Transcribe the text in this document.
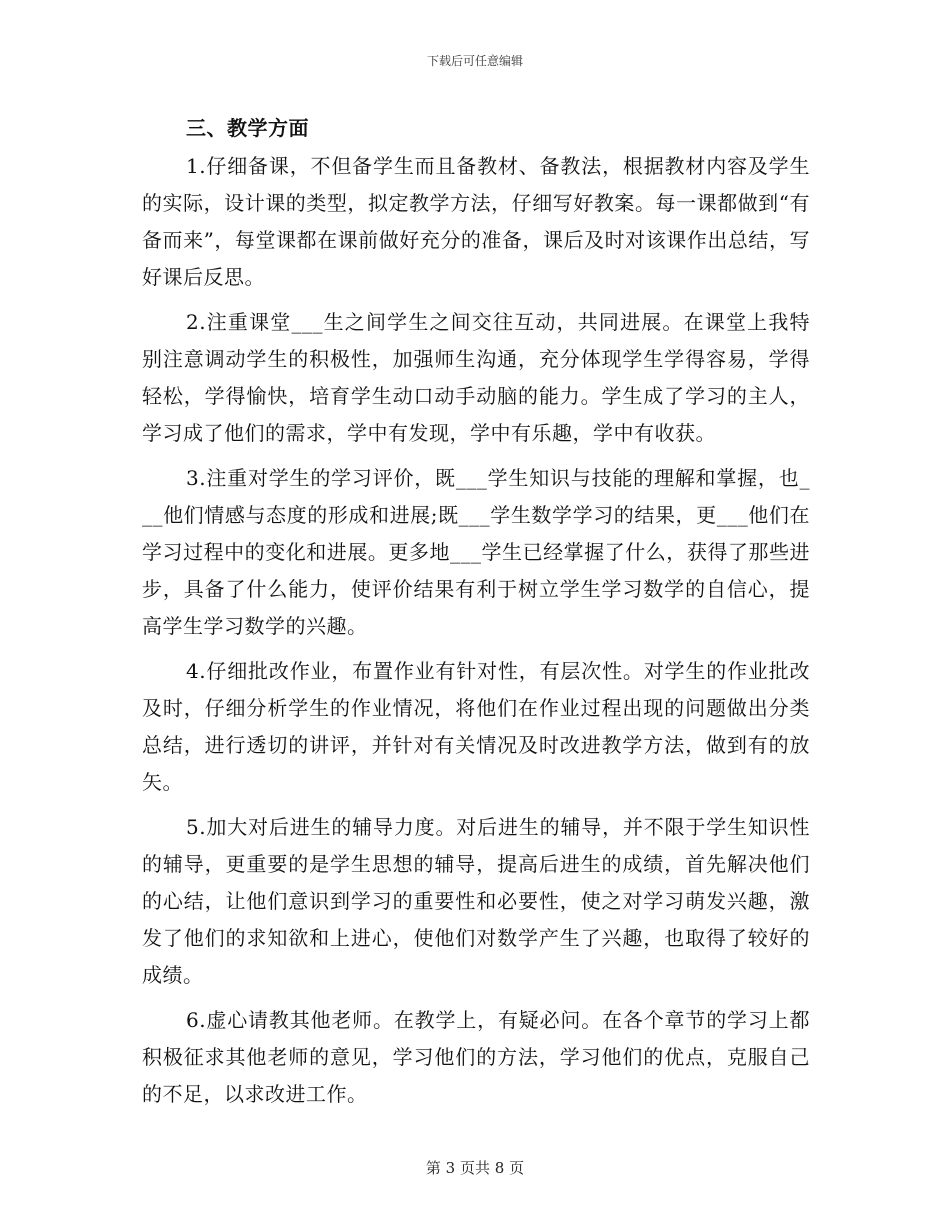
下载后可任意编辑
三、教学方面

1.仔细备课，不但备学生而且备教材、备教法，根据教材内容及学生的实际，设计课的类型，拟定教学方法，仔细写好教案。每一课都做到“有备而来”，每堂课都在课前做好充分的准备，课后及时对该课作出总结，写好课后反思。

2.注重课堂___生之间学生之间交往互动，共同进展。在课堂上我特别注意调动学生的积极性，加强师生沟通，充分体现学生学得容易，学得轻松，学得愉快，培育学生动口动手动脑的能力。学生成了学习的主人，学习成了他们的需求，学中有发现，学中有乐趣，学中有收获。

3.注重对学生的学习评价，既___学生知识与技能的理解和掌握，也___他们情感与态度的形成和进展;既___学生数学学习的结果，更___他们在学习过程中的变化和进展。更多地___学生已经掌握了什么，获得了那些进步，具备了什么能力，使评价结果有利于树立学生学习数学的自信心，提高学生学习数学的兴趣。

4.仔细批改作业，布置作业有针对性，有层次性。对学生的作业批改及时，仔细分析学生的作业情况，将他们在作业过程出现的问题做出分类总结，进行透切的讲评，并针对有关情况及时改进教学方法，做到有的放矢。

5.加大对后进生的辅导力度。对后进生的辅导，并不限于学生知识性的辅导，更重要的是学生思想的辅导，提高后进生的成绩，首先解决他们的心结，让他们意识到学习的重要性和必要性，使之对学习萌发兴趣，激发了他们的求知欲和上进心，使他们对数学产生了兴趣，也取得了较好的成绩。

6.虚心请教其他老师。在教学上，有疑必问。在各个章节的学习上都积极征求其他老师的意见，学习他们的方法，学习他们的优点，克服自己的不足，以求改进工作。

第 3 页共 8 页
